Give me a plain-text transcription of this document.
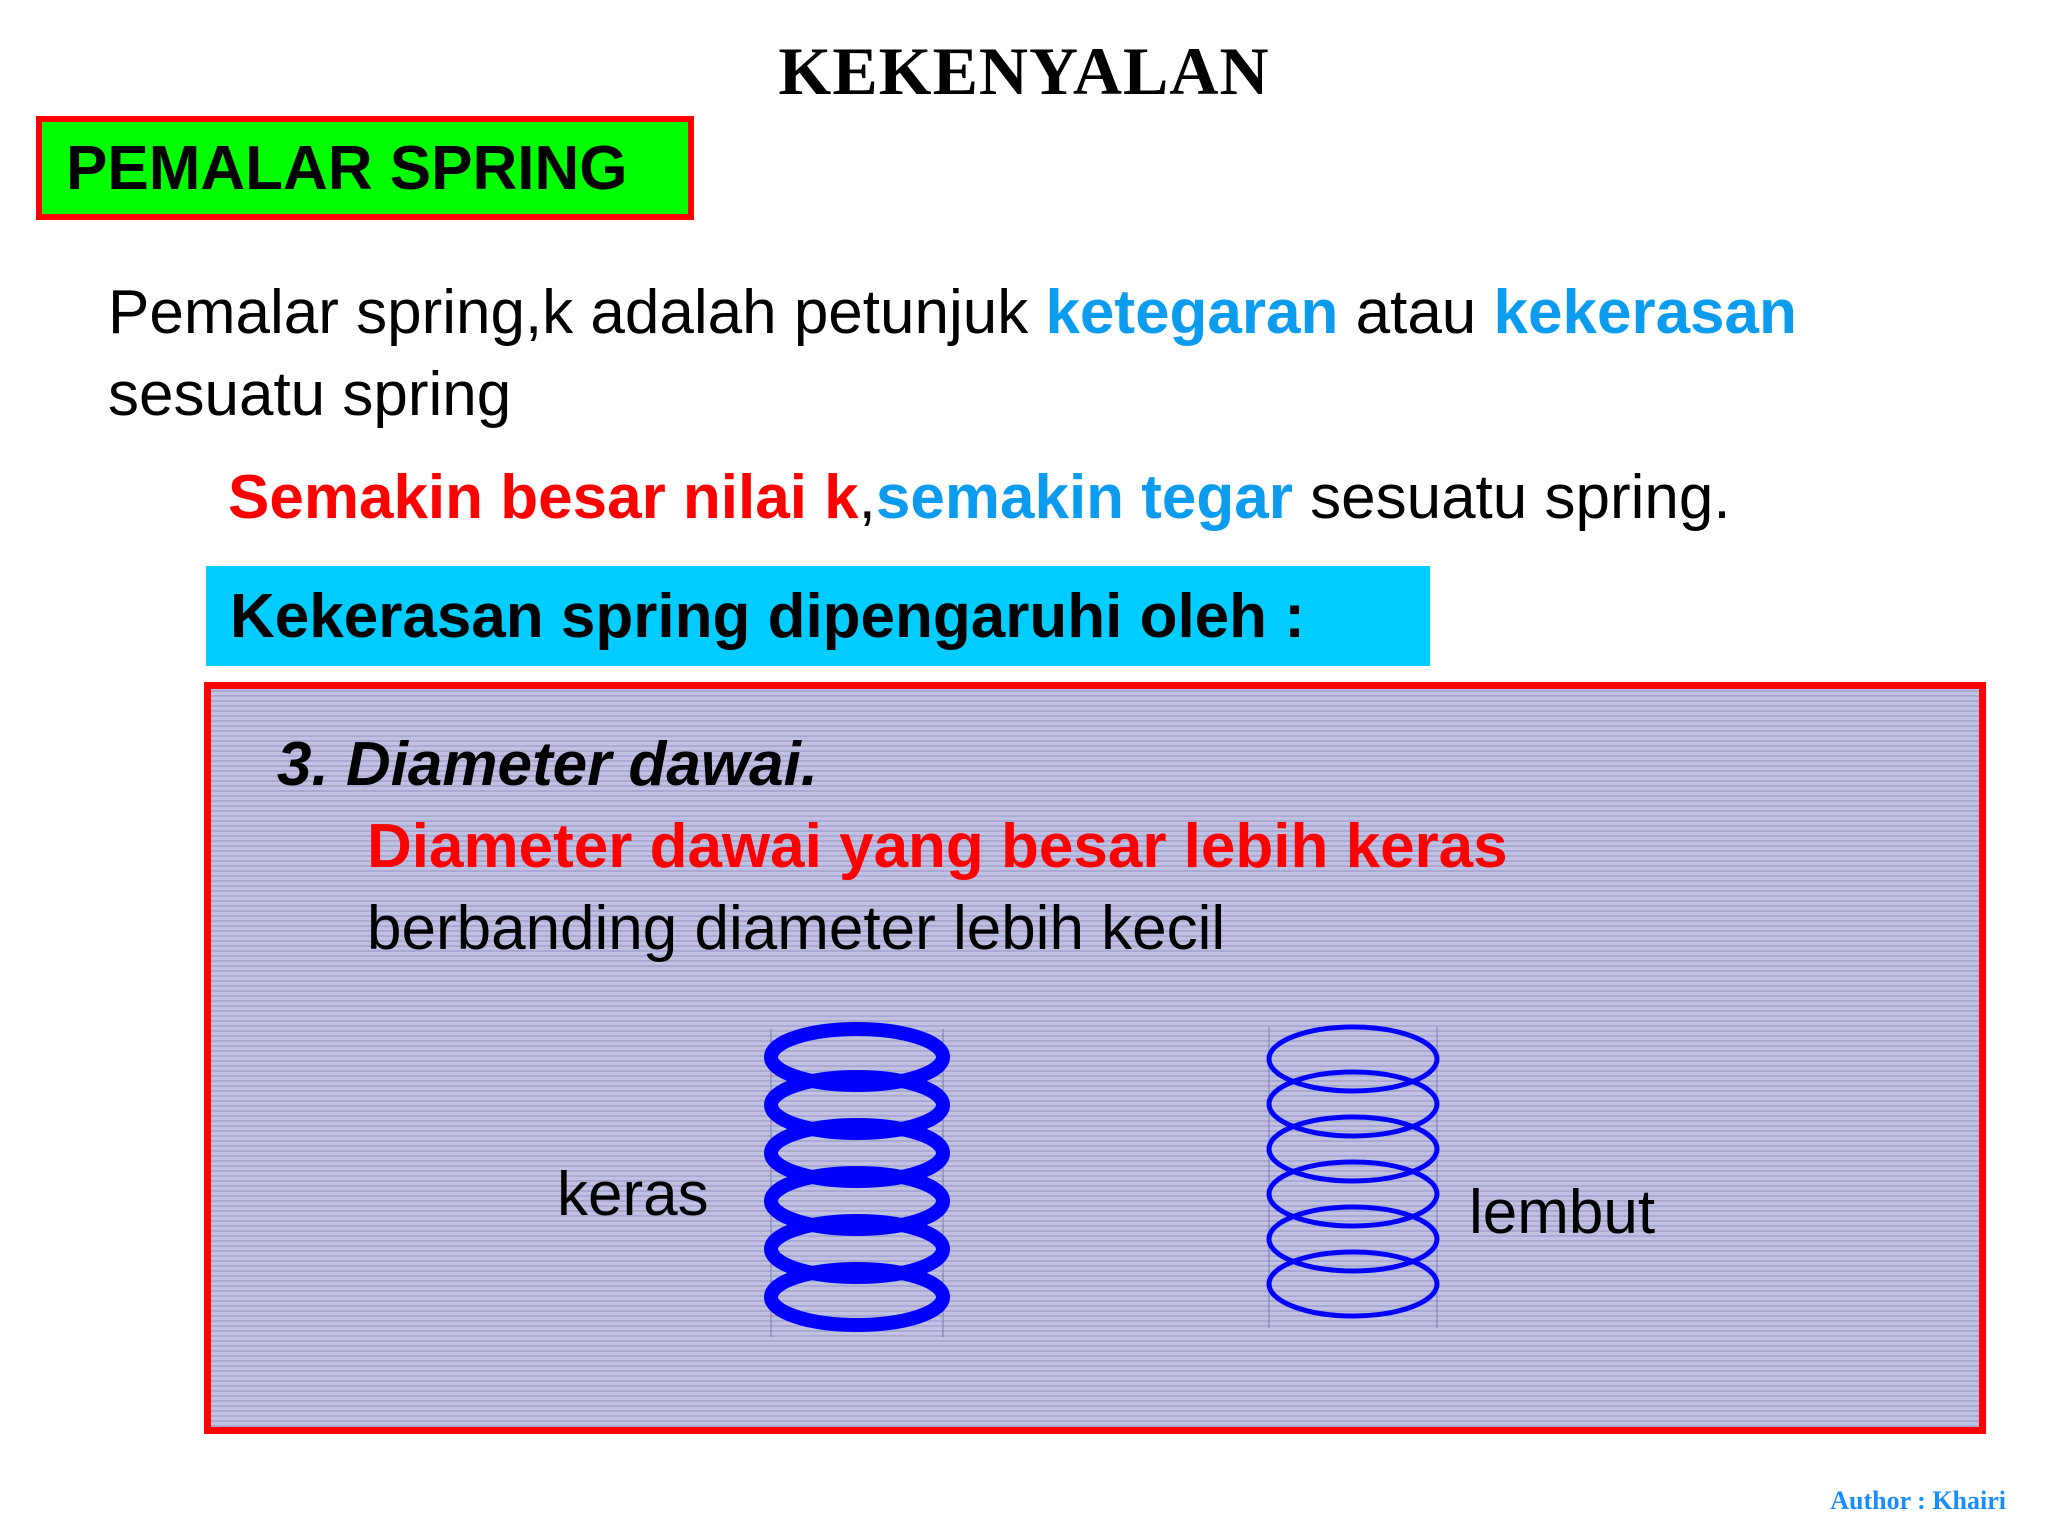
KEKENYALAN
PEMALAR SPRING
Pemalar spring,k adalah petunjuk ketegaran atau kekerasan
sesuatu spring
Semakin besar nilai k,semakin tegar sesuatu spring.
Kekerasan spring dipengaruhi oleh :
3. Diameter dawai.
Diameter dawai yang besar lebih keras
berbanding diameter lebih kecil
keras	lembut
Author : Khairi
